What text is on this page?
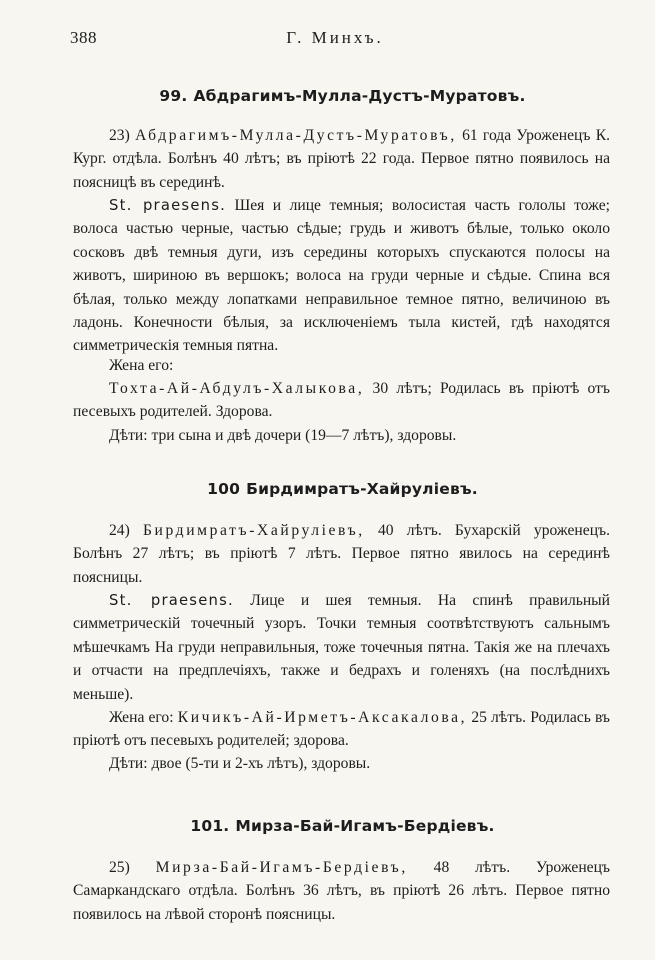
388	Г. Минхъ.
99. Абдрагимъ-Мулла-Дустъ-Муратовъ.

23) Абдрагимъ-Мулла-Дустъ-Муратовъ, 61 года Уроженецъ К. Кург. отдѣла. Болѣнъ 40 лѣтъ; въ пріютѣ 22 года. Первое пятно появилось на поясницѣ въ серединѣ.

St. praesens. Шея и лице темныя; волосистая часть гололы тоже; волоса частью черные, частью сѣдые; грудь и животъ бѣлые, только около сосковъ двѣ темныя дуги, изъ середины которыхъ спускаются полосы на животъ, шириною въ вершокъ; волоса на груди черные и сѣдые. Спина вся бѣлая, только между лопатками неправильное темное пятно, величиною въ ладонь. Конечности бѣлыя, за исключеніемъ тыла кистей, гдѣ находятся симметрическія темныя пятна.

Жена его:

Тохта-Ай-Абдулъ-Халыкова, 30 лѣтъ; Родилась въ пріютѣ отъ песевыхъ родителей. Здорова.

Дѣти: три сына и двѣ дочери (19—7 лѣтъ), здоровы.

100 Бирдимратъ-Хайруліевъ.

24) Бирдимратъ-Хайруліевъ, 40 лѣтъ. Бухарскій уроженецъ. Болѣнъ 27 лѣтъ; въ пріютѣ 7 лѣтъ. Первое пятно явилось на серединѣ поясницы.

St. praesens. Лице и шея темныя. На спинѣ правильный симметрическій точечный узоръ. Точки темныя соотвѣтствуютъ сальнымъ мѣшечкамъ На груди неправильныя, тоже точечныя пятна. Такія же на плечахъ и отчасти на предплечіяхъ, также и бедрахъ и голеняхъ (на послѣднихъ меньше).

Жена его: Кичикъ-Ай-Ирметъ-Аксакалова, 25 лѣтъ. Родилась въ пріютѣ отъ песевыхъ родителей; здорова.

Дѣти: двое (5-ти и 2-хъ лѣтъ), здоровы.

101. Мирза-Бай-Игамъ-Бердіевъ.

25) Мирза-Бай-Игамъ-Бердіевъ, 48 лѣтъ. Уроженецъ Самаркандскаго отдѣла. Болѣнъ 36 лѣтъ, въ пріютѣ 26 лѣтъ. Первое пятно появилось на лѣвой сторонѣ поясницы.
